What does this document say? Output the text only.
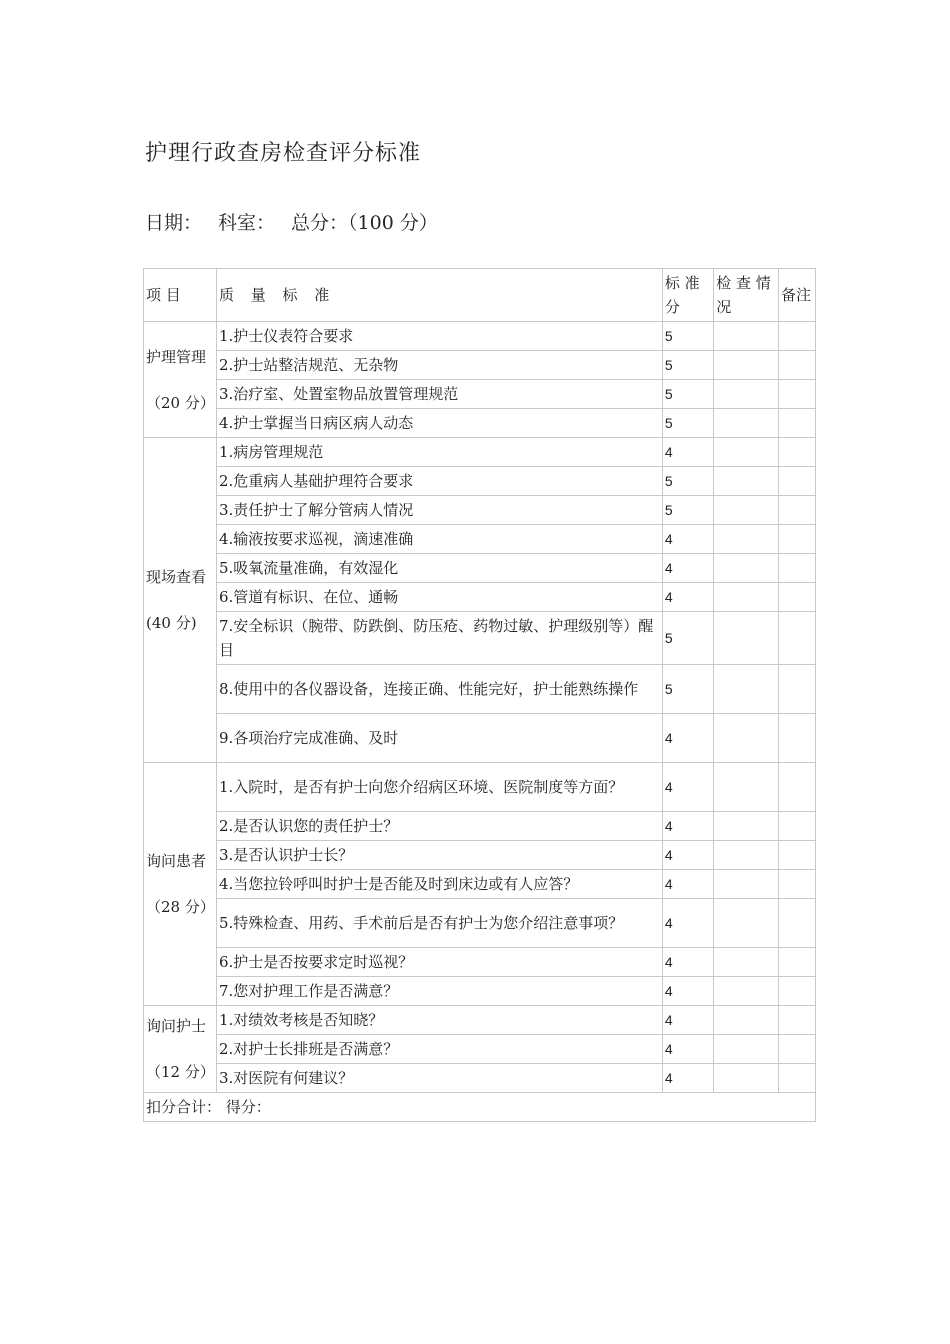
护理行政查房检查评分标准
日期： 科室： 总分：（100 分）
项 目	质 量 标 准	标 准分	检 查 情况	备注

护理管理

（20 分）	1.护士仪表符合要求	5		
	2.护士站整洁规范、无杂物	5		
	3.治疗室、处置室物品放置管理规范	5		
	4.护士掌握当日病区病人动态	5		

现场查看

(40 分)	1.病房管理规范	4		
	2.危重病人基础护理符合要求	5		
	3.责任护士了解分管病人情况	5		
	4.输液按要求巡视，滴速准确	4		
	5.吸氧流量准确，有效湿化	4		
	6.管道有标识、在位、通畅	4		
	7.安全标识（腕带、防跌倒、防压疮、药物过敏、护理级别等）醒目	5		
	8.使用中的各仪器设备，连接正确、性能完好，护士能熟练操作	5		
	9.各项治疗完成准确、及时	4		

询问患者

（28 分）	1.入院时，是否有护士向您介绍病区环境、医院制度等方面？	4		
	2.是否认识您的责任护士？	4		
	3.是否认识护士长？	4		
	4.当您拉铃呼叫时护士是否能及时到床边或有人应答？	4		
	5.特殊检查、用药、手术前后是否有护士为您介绍注意事项？	4		
	6.护士是否按要求定时巡视？	4		
	7.您对护理工作是否满意？	4		

询问护士

（12 分）	1.对绩效考核是否知晓？	4		
	2.对护士长排班是否满意？	4		
	3.对医院有何建议？	4		
扣分合计： 得分：				
